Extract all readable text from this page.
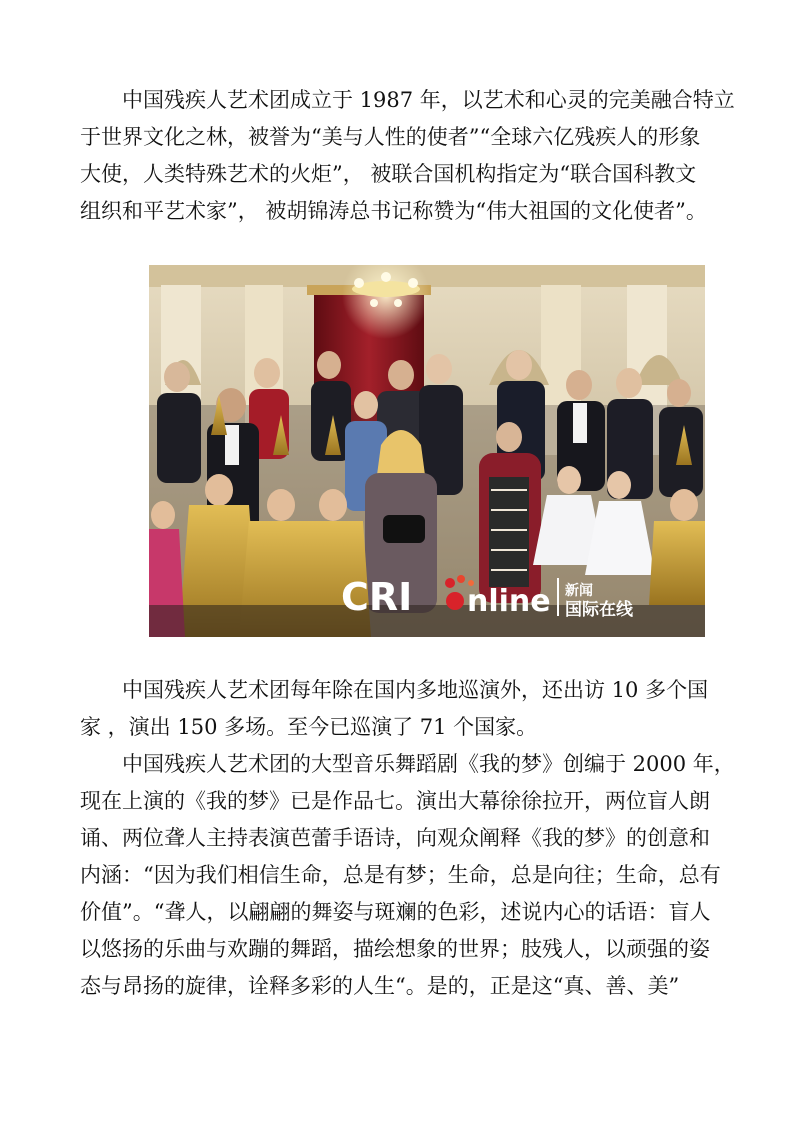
中国残疾人艺术团成立于 1987 年，以艺术和心灵的完美融合特立
于世界文化之林，被誉为“美与人性的使者”“全球六亿残疾人的形象
大使，人类特殊艺术的火炬”， 被联合国机构指定为“联合国科教文
组织和平艺术家”， 被胡锦涛总书记称赞为“伟大祖国的文化使者”。
CRI nline 新闻
国际在线
中国残疾人艺术团每年除在国内多地巡演外，还出访 10 多个国
家 ，演出 150 多场。至今已巡演了 71 个国家。
中国残疾人艺术团的大型音乐舞蹈剧《我的梦》创编于 2000 年，
现在上演的《我的梦》已是作品七。演出大幕徐徐拉开，两位盲人朗
诵、两位聋人主持表演芭蕾手语诗，向观众阐释《我的梦》的创意和
内涵：“因为我们相信生命，总是有梦；生命，总是向往；生命，总有
价值”。“聋人，以翩翩的舞姿与斑斓的色彩，述说内心的话语：盲人
以悠扬的乐曲与欢蹦的舞蹈，描绘想象的世界；肢残人，以顽强的姿
态与昂扬的旋律，诠释多彩的人生“。是的，正是这“真、善、美”
